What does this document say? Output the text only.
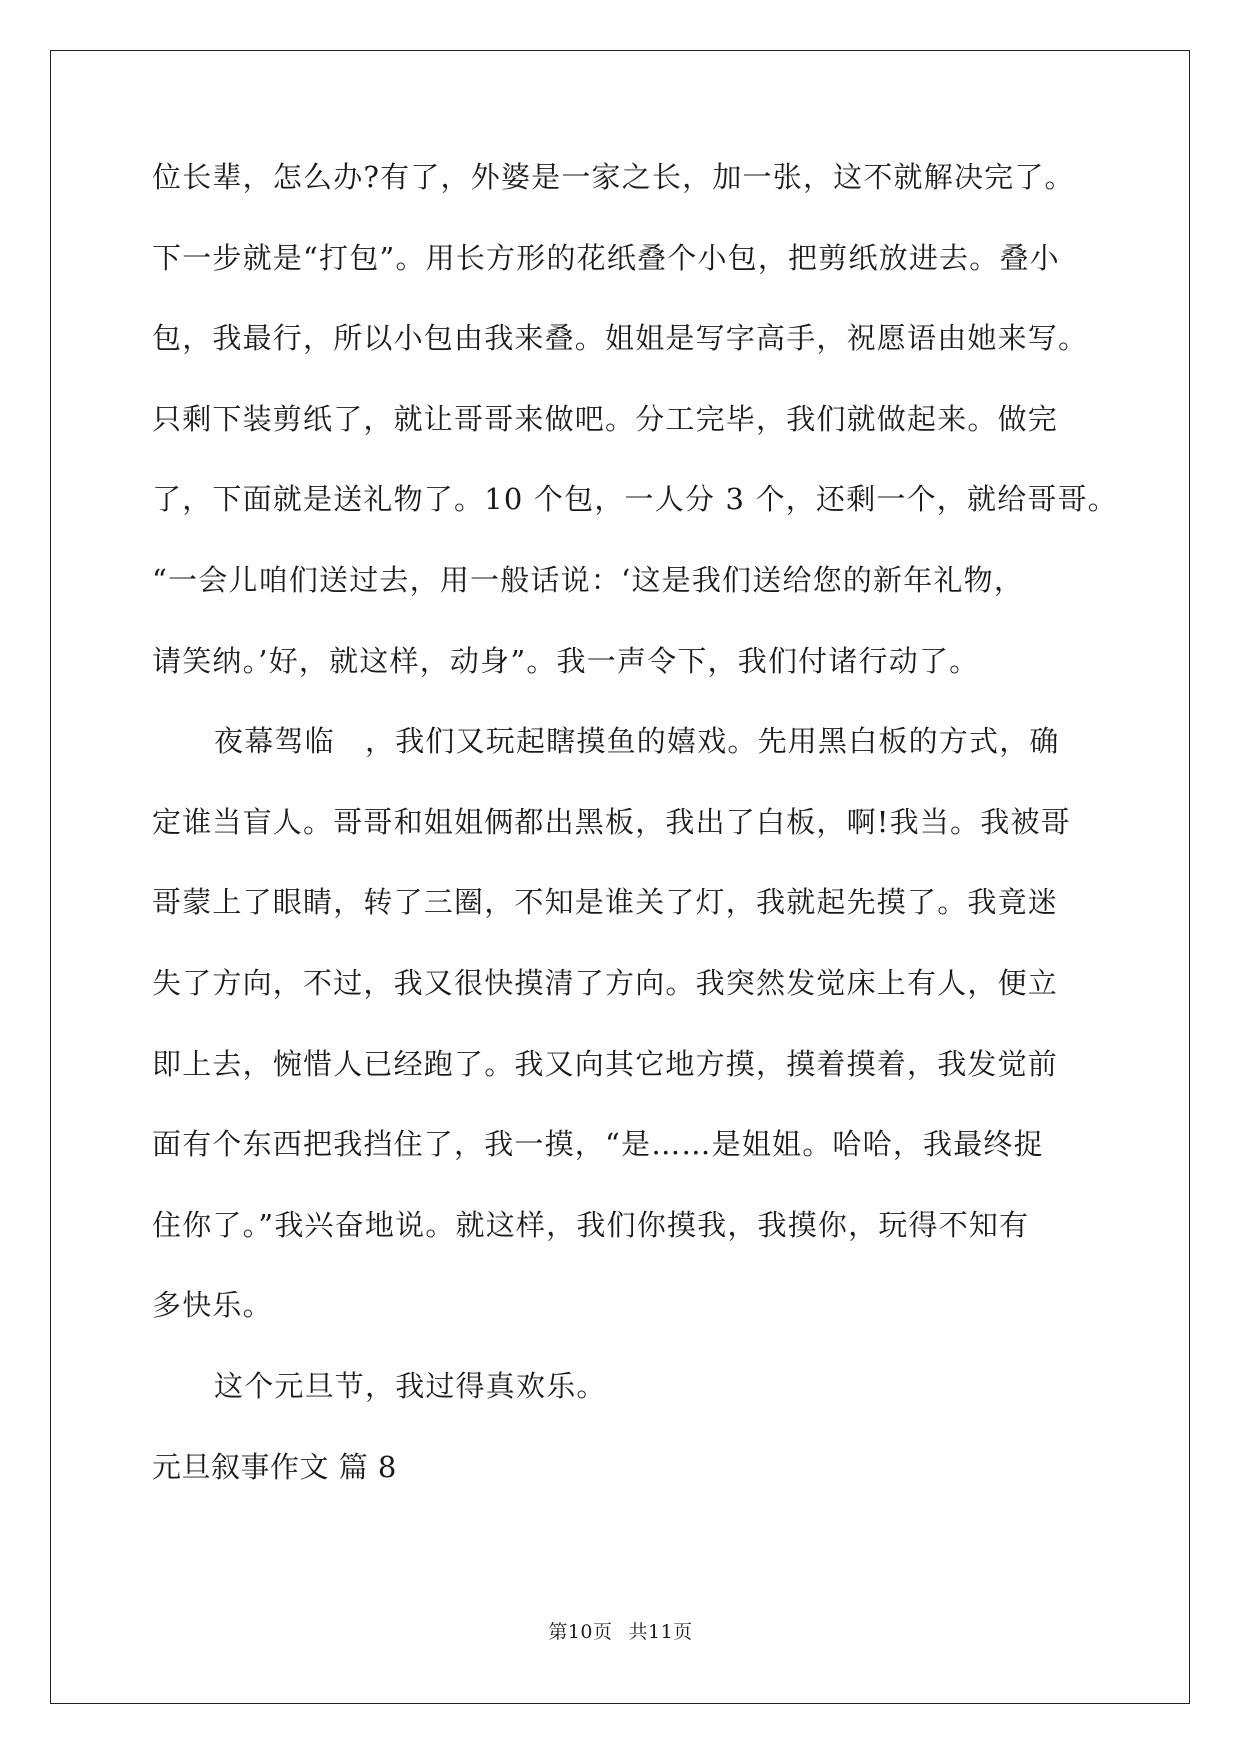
位长辈，怎么办?有了，外婆是一家之长，加一张，这不就解决完了。
下一步就是“打包”。用长方形的花纸叠个小包，把剪纸放进去。叠小
包，我最行，所以小包由我来叠。姐姐是写字高手，祝愿语由她来写。
只剩下装剪纸了，就让哥哥来做吧。分工完毕，我们就做起来。做完
了，下面就是送礼物了。10 个包，一人分 3 个，还剩一个，就给哥哥。
“一会儿咱们送过去，用一般话说：‘这是我们送给您的新年礼物，
请笑纳。’好，就这样，动身”。我一声令下，我们付诸行动了。
夜幕驾临　，我们又玩起瞎摸鱼的嬉戏。先用黑白板的方式，确
定谁当盲人。哥哥和姐姐俩都出黑板，我出了白板，啊!我当。我被哥
哥蒙上了眼睛，转了三圈，不知是谁关了灯，我就起先摸了。我竟迷
失了方向，不过，我又很快摸清了方向。我突然发觉床上有人，便立
即上去，惋惜人已经跑了。我又向其它地方摸，摸着摸着，我发觉前
面有个东西把我挡住了，我一摸，“是……是姐姐。哈哈，我最终捉
住你了。”我兴奋地说。就这样，我们你摸我，我摸你，玩得不知有
多快乐。
这个元旦节，我过得真欢乐。
元旦叙事作文 篇 8
第10页 共11页
